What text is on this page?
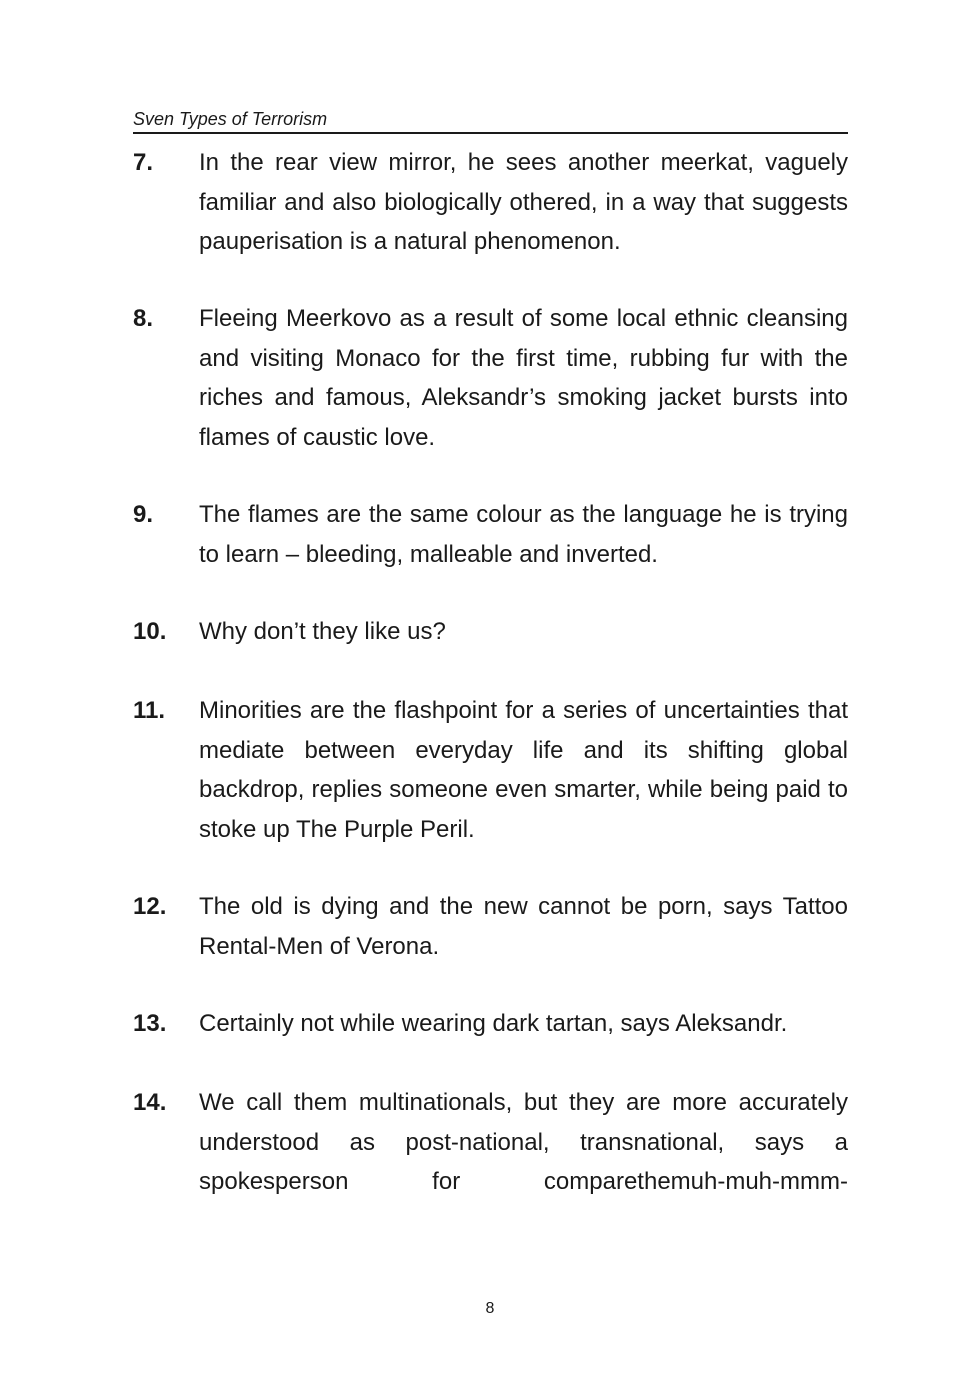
Sven Types of Terrorism
7.	In the rear view mirror, he sees another meerkat, vaguely familiar and also biologically othered, in a way that suggests pauperisation is a natural phenomenon.
8.	Fleeing Meerkovo as a result of some local ethnic cleansing and visiting Monaco for the first time, rubbing fur with the riches and famous, Aleksandr’s smoking jacket bursts into flames of caustic love.
9.	The flames are the same colour as the language he is trying to learn – bleeding, malleable and inverted.
10.	Why don’t they like us?
11.	Minorities are the flashpoint for a series of uncertainties that mediate between everyday life and its shifting global backdrop, replies someone even smarter, while being paid to stoke up The Purple Peril.
12.	The old is dying and the new cannot be porn, says Tattoo Rental-Men of Verona.
13.	Certainly not while wearing dark tartan, says Aleksandr.
14.	We call them multinationals, but they are more accurately understood as post-national, transnational, says a spokesperson for comparethemuh-muh-mmm-
8
